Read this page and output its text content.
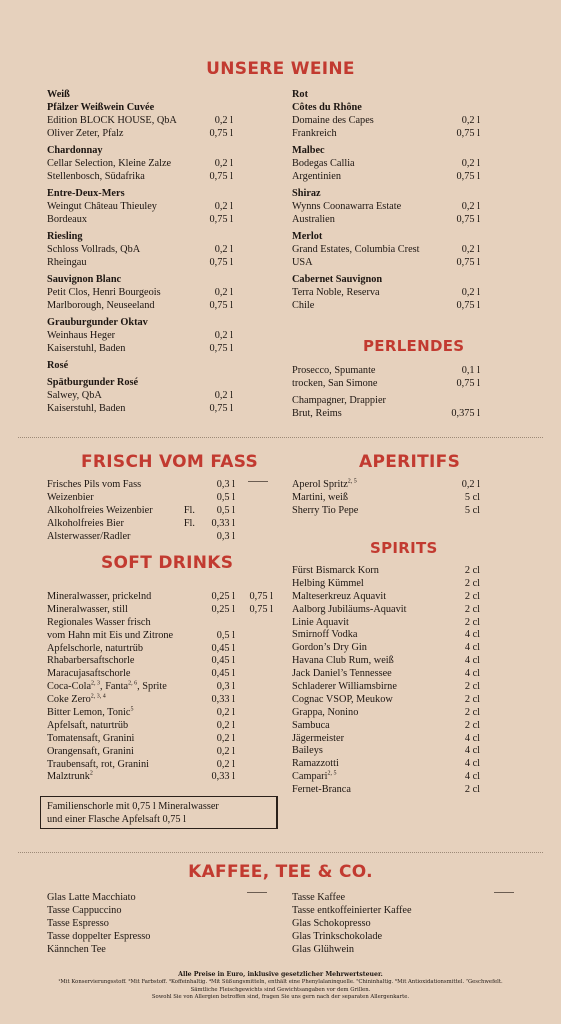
UNSERE WEINE
Weiß
Pfälzer Weißwein Cuvée
Edition BLOCK HOUSE, QbA	0,2 l
Oliver Zeter, Pfalz	0,75 l
Chardonnay
Cellar Selection, Kleine Zalze	0,2 l
Stellenbosch, Südafrika	0,75 l
Entre-Deux-Mers
Weingut Château Thieuley	0,2 l
Bordeaux	0,75 l
Riesling
Schloss Vollrads, QbA	0,2 l
Rheingau	0,75 l
Sauvignon Blanc
Petit Clos, Henri Bourgeois	0,2 l
Marlborough, Neuseeland	0,75 l
Grauburgunder Oktav
Weinhaus Heger	0,2 l
Kaiserstuhl, Baden	0,75 l
Rosé
Spätburgunder Rosé
Salwey, QbA	0,2 l
Kaiserstuhl, Baden	0,75 l
Rot
Côtes du Rhône
Domaine des Capes	0,2 l
Frankreich	0,75 l
Malbec
Bodegas Callia	0,2 l
Argentinien	0,75 l
Shiraz
Wynns Coonawarra Estate	0,2 l
Australien	0,75 l
Merlot
Grand Estates, Columbia Crest	0,2 l
USA	0,75 l
Cabernet Sauvignon
Terra Noble, Reserva	0,2 l
Chile	0,75 l
PERLENDES
Prosecco, Spumante	0,1 l
trocken, San Simone	0,75 l
Champagner, Drappier
Brut, Reims	0,375 l
FRISCH VOM FASS	APERITIFS
Frisches Pils vom Fass	0,3 l
Weizenbier	0,5 l
Alkoholfreies Weizenbier	Fl. 0,5 l
Alkoholfreies Bier	Fl. 0,33 l
Alsterwasser/Radler	0,3 l
Aperol Spritz$^{2, 5}$	0,2 l
Martini, weiß	5 cl
Sherry Tio Pepe	5 cl
SOFT DRINKS
SPIRITS
Mineralwasser, prickelnd	0,25 l 0,75 l
Mineralwasser, still	0,25 l 0,75 l
Regionales Wasser frisch
vom Hahn mit Eis und Zitrone	0,5 l
Apfelschorle, naturtrüb	0,45 l
Rhabarbersaftschorle	0,45 l
Maracujasaftschorle	0,45 l
Coca-Cola$^{2, 3}$, Fanta$^{2, 6}$, Sprite	0,3 l
Coke Zero$^{2, 3, 4}$	0,33 l
Bitter Lemon, Tonic$^5$	0,2 l
Apfelsaft, naturtrüb	0,2 l
Tomatensaft, Granini	0,2 l
Orangensaft, Granini	0,2 l
Traubensaft, rot, Granini	0,2 l
Malztrunk$^2$	0,33 l
Fürst Bismarck Korn	2 cl
Helbing Kümmel	2 cl
Malteserkreuz Aquavit	2 cl
Aalborg Jubiläums-Aquavit	2 cl
Linie Aquavit	2 cl
Smirnoff Vodka	4 cl
Gordon’s Dry Gin	4 cl
Havana Club Rum, weiß	4 cl
Jack Daniel’s Tennessee	4 cl
Schladerer Williamsbirne	2 cl
Cognac VSOP, Meukow	2 cl
Grappa, Nonino	2 cl
Sambuca	2 cl
Jägermeister	4 cl
Baileys	4 cl
Ramazzotti	4 cl
Campari$^{2, 5}$	4 cl
Fernet-Branca	2 cl
Familienschorle mit 0,75 l Mineralwasser
und einer Flasche Apfelsaft 0,75 l
KAFFEE, TEE & CO.
Glas Latte Macchiato
Tasse Cappuccino
Tasse Espresso
Tasse doppelter Espresso
Kännchen Tee
Tasse Kaffee
Tasse entkoffeinierter Kaffee
Glas Schokopresso
Glas Trinkschokolade
Glas Glühwein
Alle Preise in Euro, inklusive gesetzlicher Mehrwertsteuer.
¹Mit Konservierungsstoff. ²Mit Farbstoff. ³Koffeinhaltig. ⁴Mit Süßungsmitteln, enthält eine Phenylalaninquelle. ⁵Chininhaltig. ⁶Mit Antioxidationsmittel. ⁷Geschwefelt.
Sämtliche Fleischgewichts sind Gewichtsangaben vor dem Grillen.
Sowohl Sie von Allergien betroffen sind, fragen Sie uns gern nach der separaten Allergenkarte.
